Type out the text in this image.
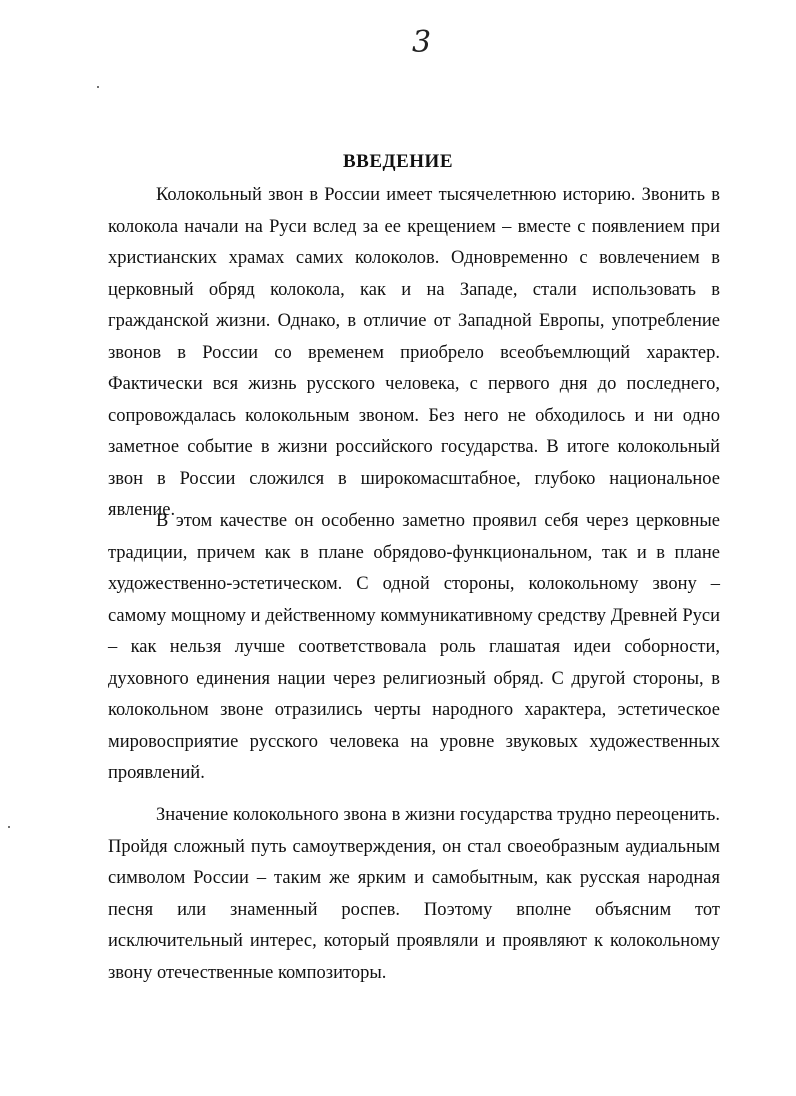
3
ВВЕДЕНИЕ

Колокольный звон в России имеет тысячелетнюю историю. Звонить в колокола начали на Руси вслед за ее крещением – вместе с появлением при христианских храмах самих колоколов. Одновременно с вовлечением в церковный обряд колокола, как и на Западе, стали использовать в гражданской жизни. Однако, в отличие от Западной Европы, употребление звонов в России со временем приобрело всеобъемлющий характер. Фактически вся жизнь русского человека, с первого дня до последнего, сопровождалась колокольным звоном. Без него не обходилось и ни одно заметное событие в жизни российского государства. В итоге колокольный звон в России сложился в широкомасштабное, глубоко национальное явление.

В этом качестве он особенно заметно проявил себя через церковные традиции, причем как в плане обрядово-функциональном, так и в плане художественно-эстетическом. С одной стороны, колокольному звону – самому мощному и действенному коммуникативному средству Древней Руси – как нельзя лучше соответствовала роль глашатая идеи соборности, духовного единения нации через религиозный обряд. С другой стороны, в колокольном звоне отразились черты народного характера, эстетическое мировосприятие русского человека на уровне звуковых художественных проявлений.

Значение колокольного звона в жизни государства трудно переоценить. Пройдя сложный путь самоутверждения, он стал своеобразным аудиальным символом России – таким же ярким и самобытным, как русская народная песня или знаменный роспев. Поэтому вполне объясним тот исключительный интерес, который проявляли и проявляют к колокольному звону отечественные композиторы.
